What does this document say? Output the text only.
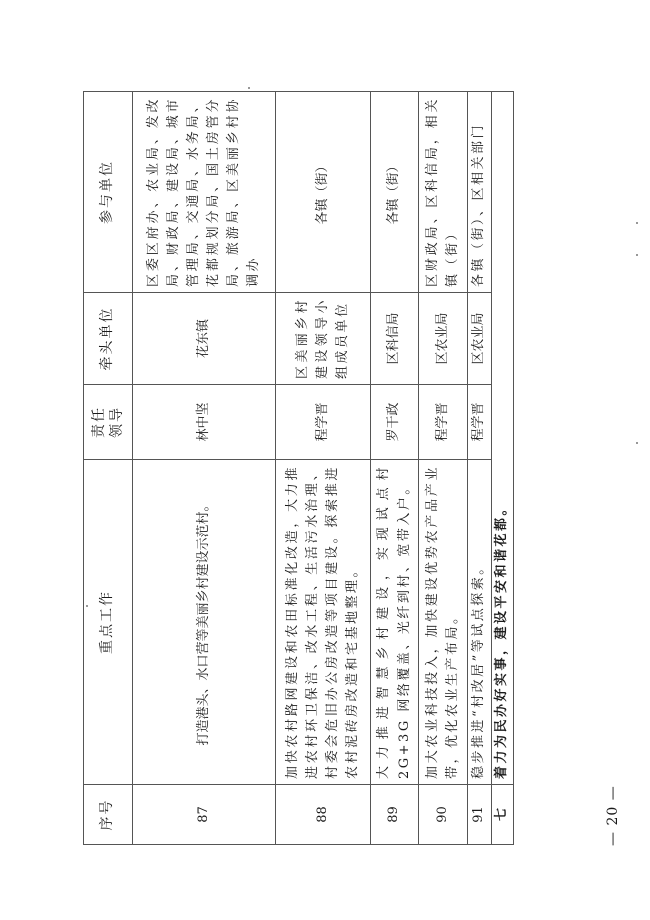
序号	重点工作	责任 领导	牵头单位	参与单位
87	打造港头、水口营等美丽乡村建设示范村。	林中坚	花东镇	区委区府办、农业局、发改局、财政局、建设局、城市管理局、交通局、水务局、花都规划分局、国土房管分局、旅游局、区美丽乡村协调办
88	加快农村路网建设和农田标准化改造，大力推进农村环卫保洁、改水工程、生活污水治理、村委会危旧办公房改造等项目建设。探索推进农村泥砖房改造和宅基地整理。	程学晋	区美丽乡村建设领导小组成员单位	各镇（街）
89	大力推进智慧乡村建设，实现试点村 2G+3G 网络覆盖、光纤到村、宽带入户。	罗干政	区科信局	各镇（街）
90	加大农业科技投入，加快建设优势农产品产业带，优化农业生产布局。	程学晋	区农业局	区财政局、区科信局，相关镇（街）
91	稳步推进“村改居”等试点探索。	程学晋	区农业局	各镇（街）、区相关部门
七	着力为民办好实事，建设平安和谐花都。			
— 20 —
